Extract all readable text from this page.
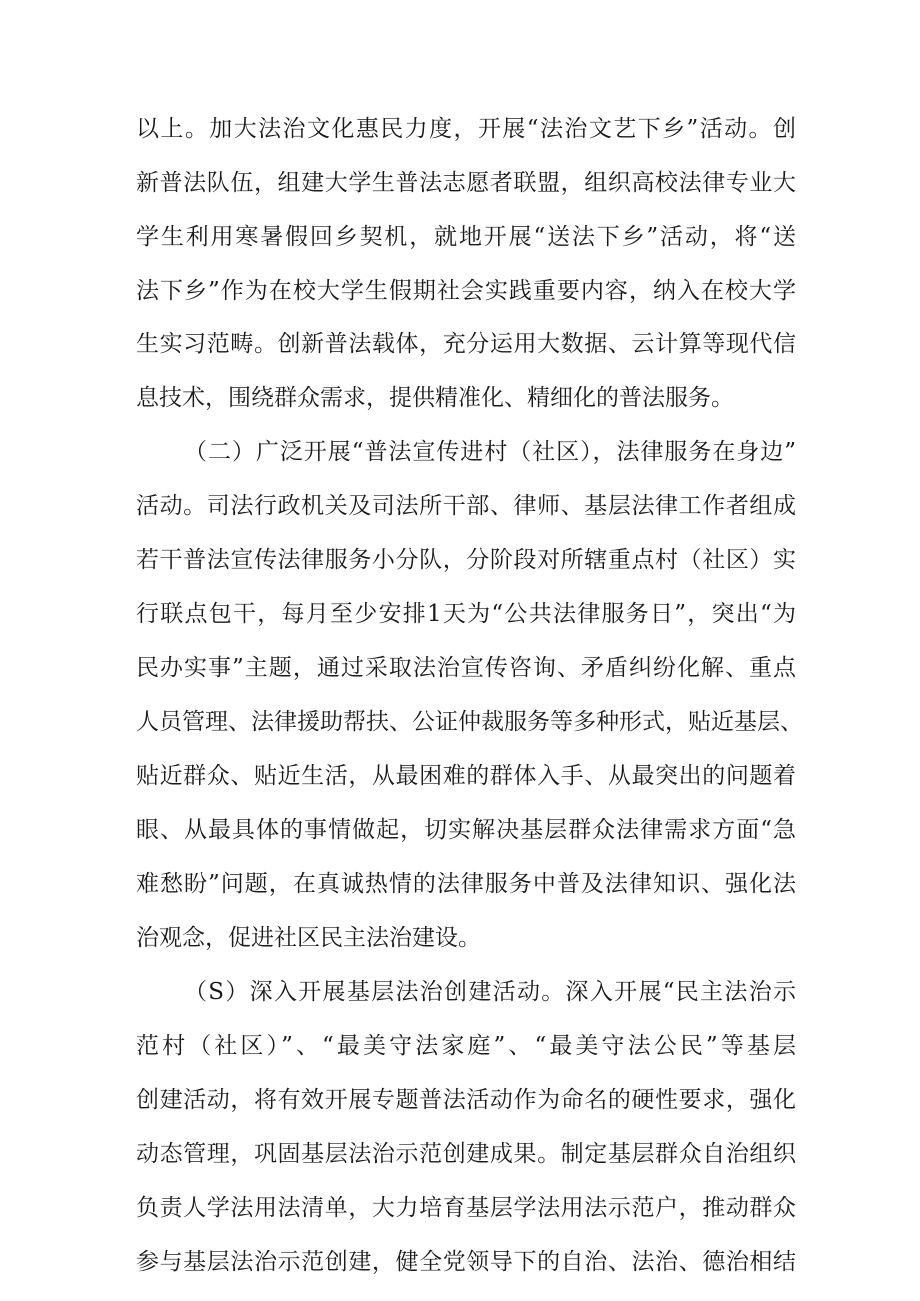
以上。加大法治文化惠民力度，开展“法治文艺下乡”活动。创
新普法队伍，组建大学生普法志愿者联盟，组织高校法律专业大
学生利用寒暑假回乡契机，就地开展“送法下乡”活动，将“送
法下乡”作为在校大学生假期社会实践重要内容，纳入在校大学
生实习范畴。创新普法载体，充分运用大数据、云计算等现代信
息技术，围绕群众需求，提供精准化、精细化的普法服务。
（二）广泛开展“普法宣传进村（社区），法律服务在身边”
活动。司法行政机关及司法所干部、律师、基层法律工作者组成
若干普法宣传法律服务小分队，分阶段对所辖重点村（社区）实
行联点包干，每月至少安排1天为“公共法律服务日”，突出“为
民办实事”主题，通过采取法治宣传咨询、矛盾纠纷化解、重点
人员管理、法律援助帮扶、公证仲裁服务等多种形式，贴近基层、
贴近群众、贴近生活，从最困难的群体入手、从最突出的问题着
眼、从最具体的事情做起，切实解决基层群众法律需求方面“急
难愁盼”问题，在真诚热情的法律服务中普及法律知识、强化法
治观念，促进社区民主法治建设。
（S）深入开展基层法治创建活动。深入开展“民主法治示
范村（社区）”、“最美守法家庭”、“最美守法公民”等基层
创建活动，将有效开展专题普法活动作为命名的硬性要求，强化
动态管理，巩固基层法治示范创建成果。制定基层群众自治组织
负责人学法用法清单，大力培育基层学法用法示范户，推动群众
参与基层法治示范创建，健全党领导下的自治、法治、德治相结
